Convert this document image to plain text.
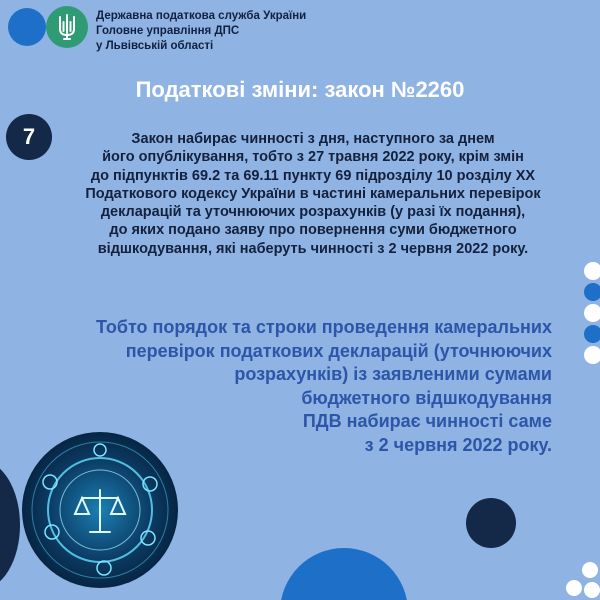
Державна податкова служба України
Головне управління ДПС
у Львівській області
Податкові зміни: закон №2260
7	Закон набирає чинності з дня, наступного за днем
його опублікування, тобто з 27 травня 2022 року, крім змін
до підпунктів 69.2 та 69.11 пункту 69 підрозділу 10 розділу ХХ
Податкового кодексу України в частині камеральних перевірок
декларацій та уточнюючих розрахунків (у разі їх подання),
до яких подано заяву про повернення суми бюджетного
відшкодування, які наберуть чинності з 2 червня 2022 року.
Тобто порядок та строки проведення камеральних
перевірок податкових декларацій (уточнюючих
розрахунків) із заявленими сумами
бюджетного відшкодування
ПДВ набирає чинності саме
з 2 червня 2022 року.
